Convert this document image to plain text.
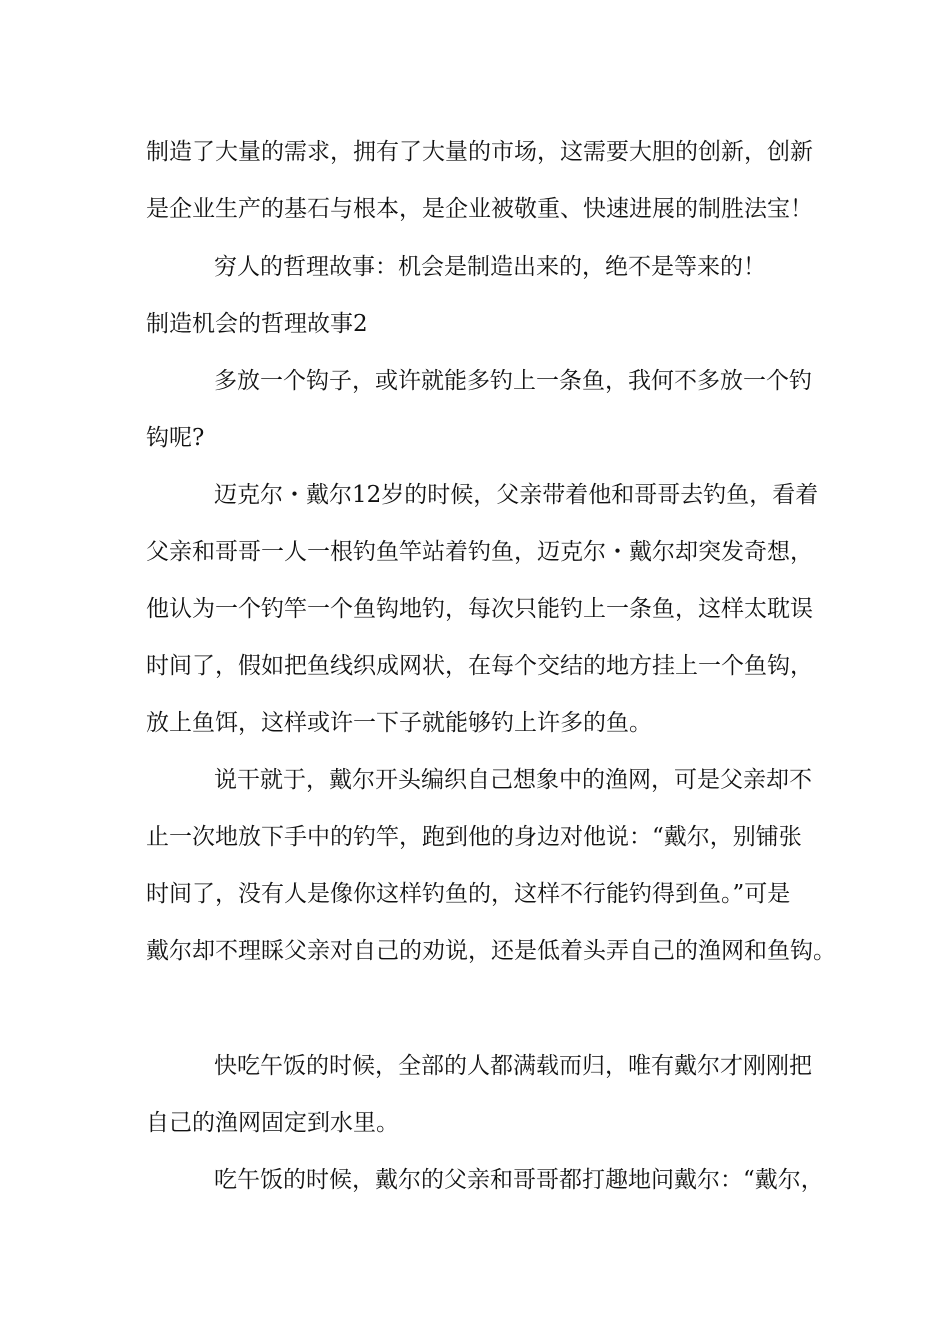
制造了大量的需求，拥有了大量的市场，这需要大胆的创新，创新
是企业生产的基石与根本，是企业被敬重、快速进展的制胜法宝！
穷人的哲理故事：机会是制造出来的，绝不是等来的！
制造机会的哲理故事2
多放一个钩子，或许就能多钓上一条鱼，我何不多放一个钓
钩呢?
迈克尔・戴尔12岁的时候，父亲带着他和哥哥去钓鱼，看着
父亲和哥哥一人一根钓鱼竿站着钓鱼，迈克尔・戴尔却突发奇想，
他认为一个钓竿一个鱼钩地钓，每次只能钓上一条鱼，这样太耽误
时间了，假如把鱼线织成网状，在每个交结的地方挂上一个鱼钩，
放上鱼饵，这样或许一下子就能够钓上许多的鱼。
说干就于，戴尔开头编织自己想象中的渔网，可是父亲却不
止一次地放下手中的钓竿，跑到他的身边对他说：“戴尔，别铺张
时间了，没有人是像你这样钓鱼的，这样不行能钓得到鱼。”可是
戴尔却不理睬父亲对自己的劝说，还是低着头弄自己的渔网和鱼钩。
快吃午饭的时候，全部的人都满载而归，唯有戴尔才刚刚把
自己的渔网固定到水里。
吃午饭的时候，戴尔的父亲和哥哥都打趣地问戴尔：“戴尔，
